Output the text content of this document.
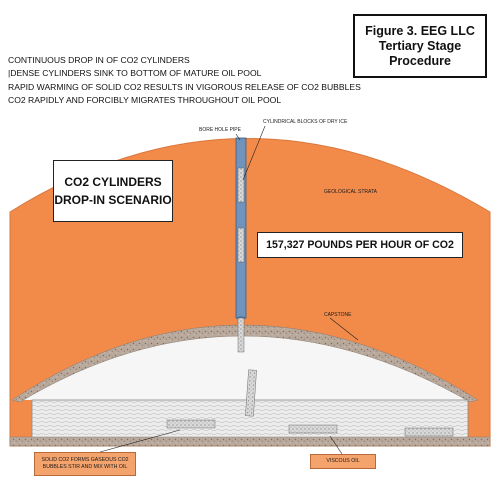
Figure 3. EEG LLC
Tertiary Stage
Procedure
CONTINUOUS DROP IN OF CO2 CYLINDERS
|DENSE CYLINDERS SINK TO BOTTOM OF MATURE OIL POOL
RAPID WARMING OF SOLID CO2 RESULTS IN VIGOROUS RELEASE OF CO2 BUBBLES
CO2 RAPIDLY AND FORCIBLY MIGRATES THROUGHOUT OIL POOL
BORE HOLE PIPE
CYLINDRICAL BLOCKS OF DRY ICE
GEOLOGICAL STRATA
CAPSTONE
CO2 CYLINDERS
DROP-IN SCENARIO
157,327 POUNDS PER HOUR OF CO2
SOLID CO2 FORMS GASEOUS CO2
BUBBLES STIR AND MIX WITH OIL
VISCOUS OIL
